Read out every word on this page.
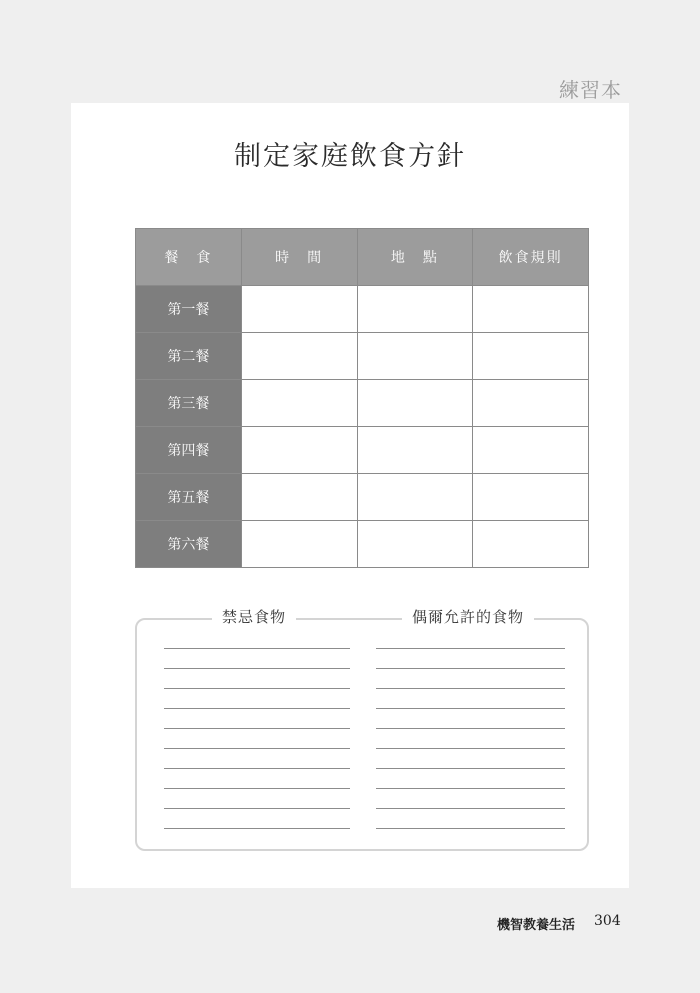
練習本
制定家庭飲食方針
餐　食	時　間	地　點	飲食規則
第一餐			
第二餐			
第三餐			
第四餐			
第五餐			
第六餐			
禁忌食物	偶爾允許的食物
機智教養生活 304
